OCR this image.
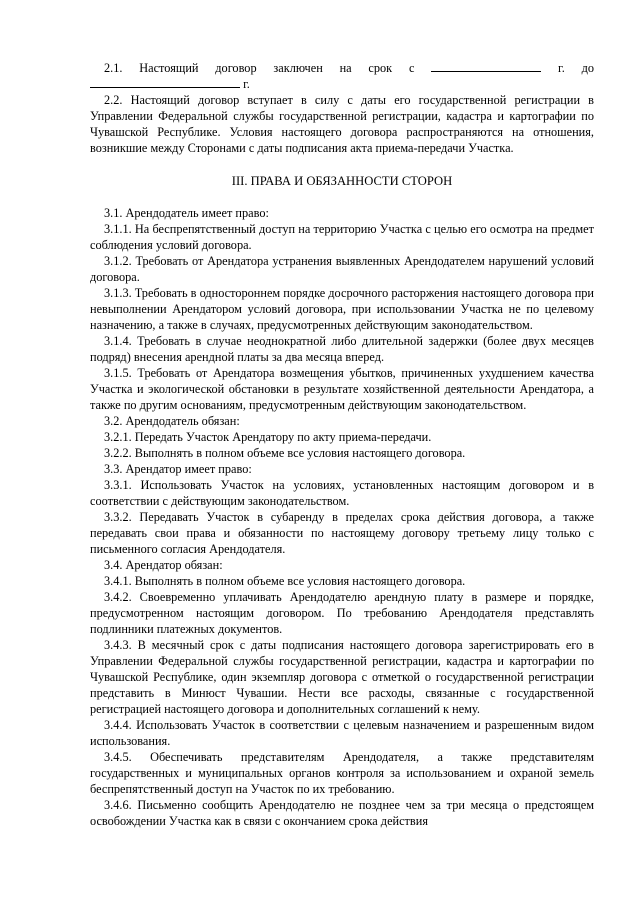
2.1. Настоящий договор заключен на срок с	г. до  г.

2.2. Настоящий договор вступает в силу с даты его государственной регистрации в Управлении Федеральной службы государственной регистрации, кадастра и картографии по Чувашской Республике. Условия настоящего договора распространяются на отношения, возникшие между Сторонами с даты подписания акта приема-передачи Участка.

III. ПРАВА И ОБЯЗАННОСТИ СТОРОН

3.1. Арендодатель имеет право:

3.1.1. На беспрепятственный доступ на территорию Участка с целью его осмотра на предмет соблюдения условий договора.

3.1.2. Требовать от Арендатора устранения выявленных Арендодателем нарушений условий договора.

3.1.3. Требовать в одностороннем порядке досрочного расторжения настоящего договора при невыполнении Арендатором условий договора, при использовании Участка не по целевому назначению, а также в случаях, предусмотренных действующим законодательством.

3.1.4. Требовать в случае неоднократной либо длительной задержки (более двух месяцев подряд) внесения арендной платы за два месяца вперед.

3.1.5. Требовать от Арендатора возмещения убытков, причиненных ухудшением качества Участка и экологической обстановки в результате хозяйственной деятельности Арендатора, а также по другим основаниям, предусмотренным действующим законодательством.

3.2. Арендодатель обязан:

3.2.1. Передать Участок Арендатору по акту приема-передачи.

3.2.2. Выполнять в полном объеме все условия настоящего договора.

3.3. Арендатор имеет право:

3.3.1. Использовать Участок на условиях, установленных настоящим договором и в соответствии с действующим законодательством.

3.3.2. Передавать Участок в субаренду в пределах срока действия договора, а также передавать свои права и обязанности по настоящему договору третьему лицу только с письменного согласия Арендодателя.

3.4. Арендатор обязан:

3.4.1. Выполнять в полном объеме все условия настоящего договора.

3.4.2. Своевременно уплачивать Арендодателю арендную плату в размере и порядке, предусмотренном настоящим договором. По требованию Арендодателя представлять подлинники платежных документов.

3.4.3. В месячный срок с даты подписания настоящего договора зарегистрировать его в Управлении Федеральной службы государственной регистрации, кадастра и картографии по Чувашской Республике, один экземпляр договора с отметкой о государственной регистрации представить в Минюст Чувашии. Нести все расходы, связанные с государственной регистрацией настоящего договора и дополнительных соглашений к нему.

3.4.4. Использовать Участок в соответствии с целевым назначением и разрешенным видом использования.

3.4.5. Обеспечивать представителям Арендодателя, а также представителям государственных и муниципальных органов контроля за использованием и охраной земель беспрепятственный доступ на Участок по их требованию.

3.4.6. Письменно сообщить Арендодателю не позднее чем за три месяца о предстоящем освобождении Участка как в связи с окончанием срока действия
